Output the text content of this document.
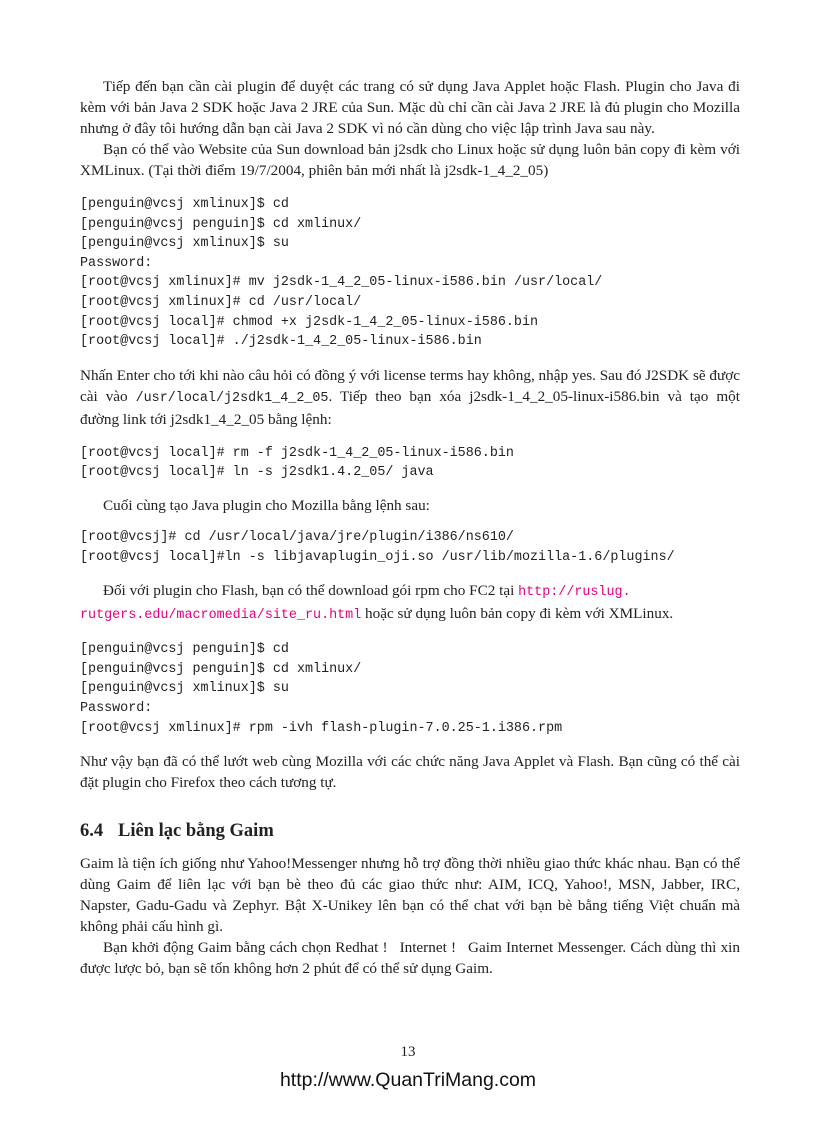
Tiếp đến bạn cần cài plugin để duyệt các trang có sử dụng Java Applet hoặc Flash. Plugin cho Java đi kèm với bản Java 2 SDK hoặc Java 2 JRE của Sun. Mặc dù chỉ cần cài Java 2 JRE là đủ plugin cho Mozilla nhưng ở đây tôi hướng dẫn bạn cài Java 2 SDK vì nó cần dùng cho việc lập trình Java sau này.

Bạn có thể vào Website của Sun download bản j2sdk cho Linux hoặc sử dụng luôn bản copy đi kèm với XMLinux. (Tại thời điểm 19/7/2004, phiên bản mới nhất là j2sdk-1_4_2_05)

[penguin@vcsj xmlinux]$ cd
[penguin@vcsj penguin]$ cd xmlinux/
[penguin@vcsj xmlinux]$ su
Password:
[root@vcsj xmlinux]# mv j2sdk-1_4_2_05-linux-i586.bin /usr/local/
[root@vcsj xmlinux]# cd /usr/local/
[root@vcsj local]# chmod +x j2sdk-1_4_2_05-linux-i586.bin
[root@vcsj local]# ./j2sdk-1_4_2_05-linux-i586.bin

Nhấn Enter cho tới khi nào câu hỏi có đồng ý với license terms hay không, nhập yes. Sau đó J2SDK sẽ được cài vào /usr/local/j2sdk1_4_2_05. Tiếp theo bạn xóa j2sdk-1_4_2_05-linux-i586.bin và tạo một đường link tới j2sdk1_4_2_05 bằng lệnh:

[root@vcsj local]# rm -f j2sdk-1_4_2_05-linux-i586.bin
[root@vcsj local]# ln -s j2sdk1.4.2_05/ java

Cuối cùng tạo Java plugin cho Mozilla bằng lệnh sau:

[root@vcsj]# cd /usr/local/java/jre/plugin/i386/ns610/
[root@vcsj local]#ln -s libjavaplugin_oji.so /usr/lib/mozilla-1.6/plugins/

Đối với plugin cho Flash, bạn có thể download gói rpm cho FC2 tại http://ruslug.
rutgers.edu/macromedia/site_ru.html hoặc sử dụng luôn bản copy đi kèm với XMLinux.

[penguin@vcsj penguin]$ cd
[penguin@vcsj penguin]$ cd xmlinux/
[penguin@vcsj xmlinux]$ su
Password:
[root@vcsj xmlinux]# rpm -ivh flash-plugin-7.0.25-1.i386.rpm

Như vậy bạn đã có thể lướt web cùng Mozilla với các chức năng Java Applet và Flash. Bạn cũng có thể cài đặt plugin cho Firefox theo cách tương tự.

6.4 Liên lạc bằng Gaim

Gaim là tiện ích giống như Yahoo!Messenger nhưng hỗ trợ đồng thời nhiều giao thức khác nhau. Bạn có thể dùng Gaim để liên lạc với bạn bè theo đủ các giao thức như: AIM, ICQ, Yahoo!, MSN, Jabber, IRC, Napster, Gadu-Gadu và Zephyr. Bật X-Unikey lên bạn có thể chat với bạn bè bằng tiếng Việt chuẩn mà không phải cấu hình gì.

Bạn khởi động Gaim bằng cách chọn Redhat ! Internet ! Gaim Internet Messenger. Cách dùng thì xin được lược bỏ, bạn sẽ tốn không hơn 2 phút để có thể sử dụng Gaim.

13
http://www.QuanTriMang.com
